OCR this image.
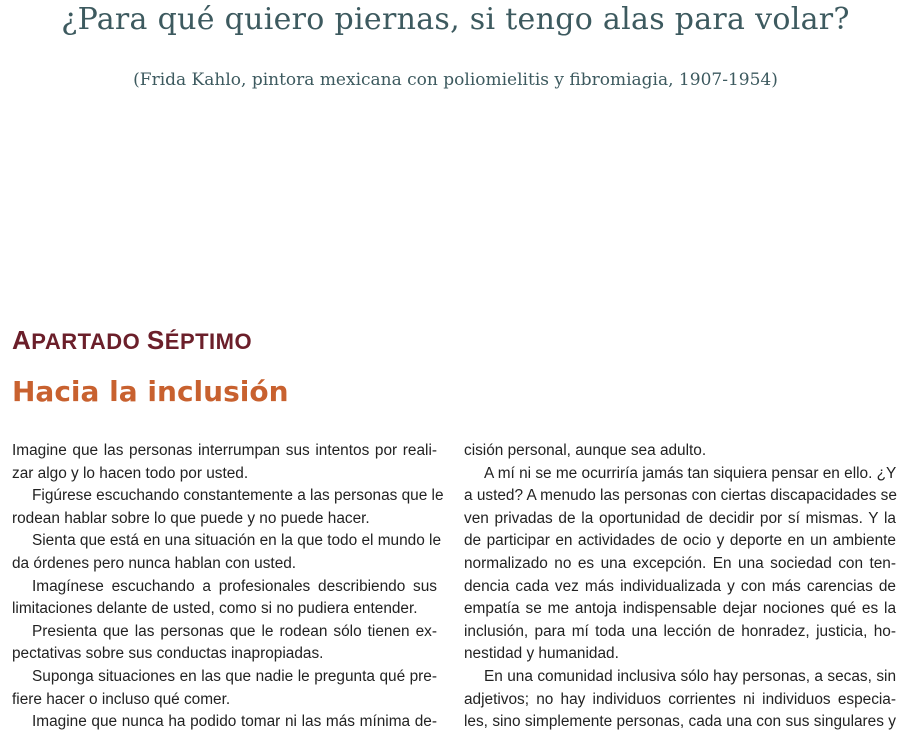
¿Para qué quiero piernas, si tengo alas para volar?
(Frida Kahlo, pintora mexicana con poliomielitis y fibromiagia, 1907-1954)
APARTADO SÉPTIMO
Hacia la inclusión
Imagine que las personas interrumpan sus intentos por reali-
zar algo y lo hacen todo por usted.
Figúrese escuchando constantemente a las personas que le
rodean hablar sobre lo que puede y no puede hacer.
Sienta que está en una situación en la que todo el mundo le
da órdenes pero nunca hablan con usted.
Imagínese escuchando a profesionales describiendo sus
limitaciones delante de usted, como si no pudiera entender.
Presienta que las personas que le rodean sólo tienen ex-
pectativas sobre sus conductas inapropiadas.
Suponga situaciones en las que nadie le pregunta qué pre-
fiere hacer o incluso qué comer.
Imagine que nunca ha podido tomar ni las más mínima de-
cisión personal, aunque sea adulto.
A mí ni se me ocurriría jamás tan siquiera pensar en ello. ¿Y
a usted? A menudo las personas con ciertas discapacidades se
ven privadas de la oportunidad de decidir por sí mismas. Y la
de participar en actividades de ocio y deporte en un ambiente
normalizado no es una excepción. En una sociedad con ten-
dencia cada vez más individualizada y con más carencias de
empatía se me antoja indispensable dejar nociones qué es la
inclusión, para mí toda una lección de honradez, justicia, ho-
nestidad y humanidad.
En una comunidad inclusiva sólo hay personas, a secas, sin
adjetivos; no hay individuos corrientes ni individuos especia-
les, sino simplemente personas, cada una con sus singulares y
